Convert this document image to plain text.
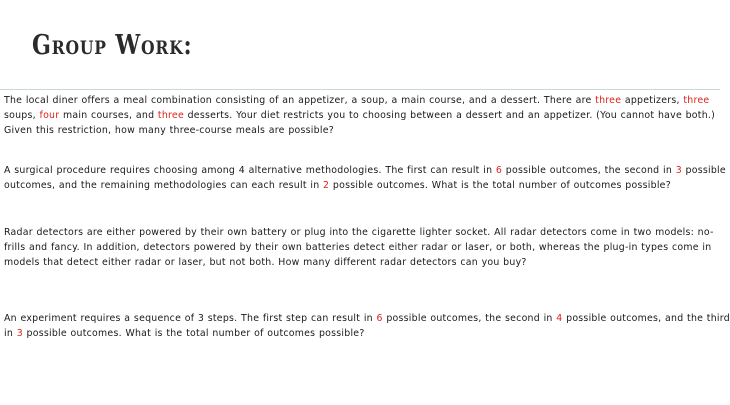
Group Work:
The local diner offers a meal combination consisting of an appetizer, a soup, a main course, and a dessert. There are three appetizers, three
soups, four main courses, and three desserts. Your diet restricts you to choosing between a dessert and an appetizer. (You cannot have both.)
Given this restriction, how many three-course meals are possible?
A surgical procedure requires choosing among 4 alternative methodologies. The first can result in 6 possible outcomes, the second in 3 possible
outcomes, and the remaining methodologies can each result in 2 possible outcomes. What is the total number of outcomes possible?
Radar detectors are either powered by their own battery or plug into the cigarette lighter socket. All radar detectors come in two models: no-
frills and fancy. In addition, detectors powered by their own batteries detect either radar or laser, or both, whereas the plug-in types come in
models that detect either radar or laser, but not both. How many different radar detectors can you buy?
An experiment requires a sequence of 3 steps. The first step can result in 6 possible outcomes, the second in 4 possible outcomes, and the third
in 3 possible outcomes. What is the total number of outcomes possible?
